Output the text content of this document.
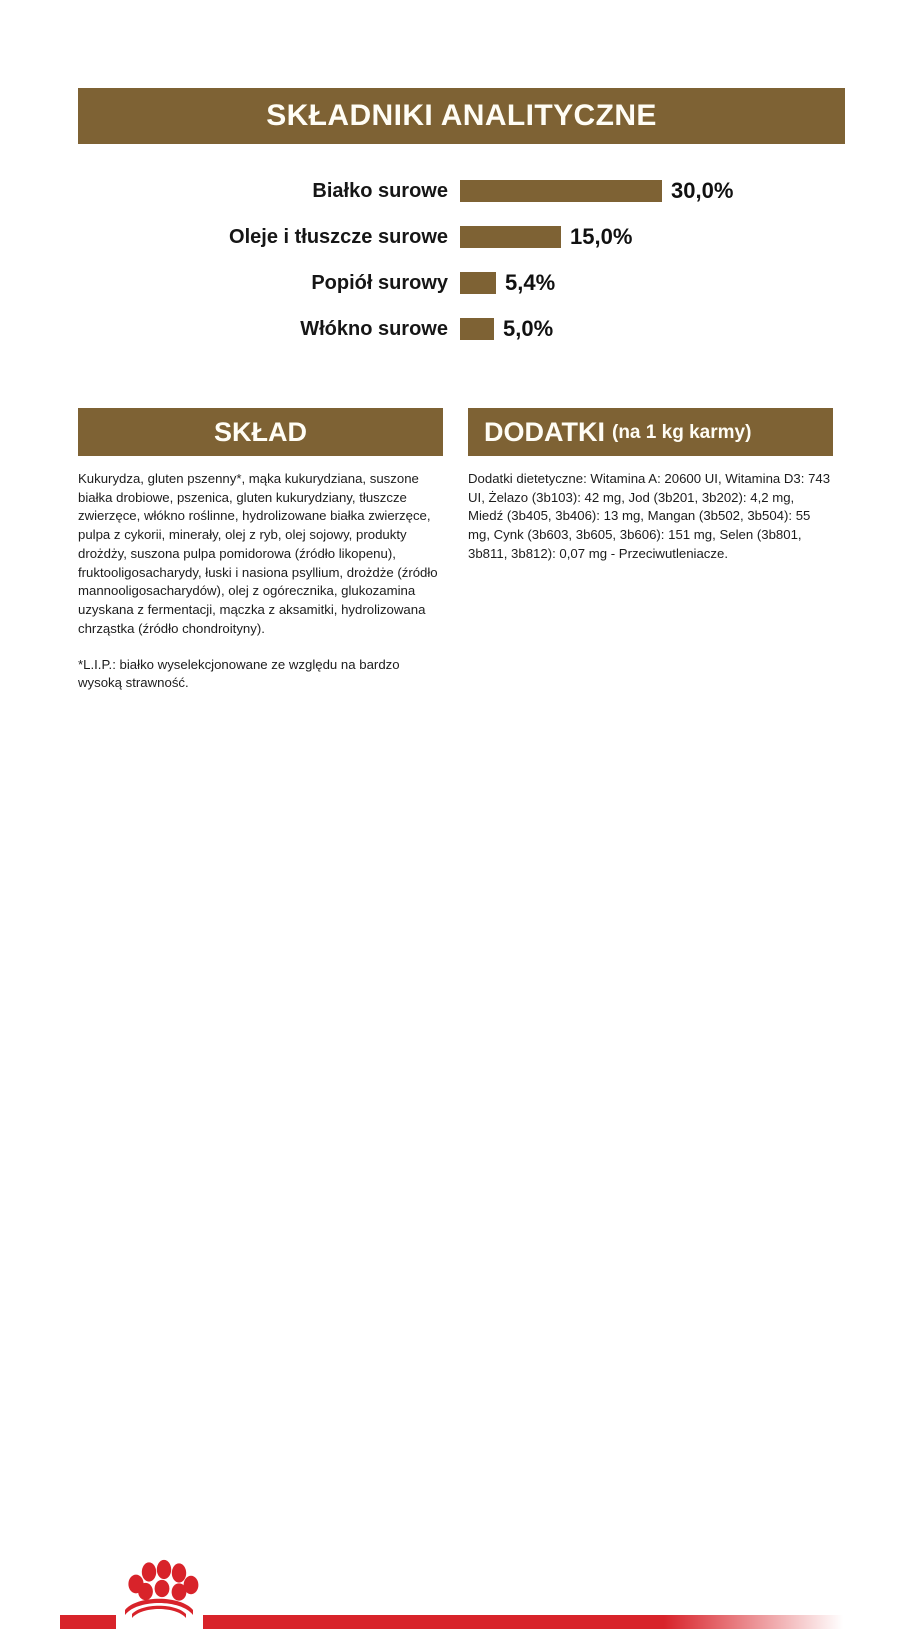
SKŁADNIKI ANALITYCZNE
Białko surowe	30,0%
Oleje i tłuszcze surowe	15,0%
Popiół surowy	5,4%
Włókno surowe	5,0%
SKŁAD

Kukurydza, gluten pszenny*, mąka kukurydziana, suszone białka drobiowe, pszenica, gluten kukurydziany, tłuszcze zwierzęce, włókno roślinne, hydrolizowane białka zwierzęce, pulpa z cykorii, minerały, olej z ryb, olej sojowy, produkty drożdży, suszona pulpa pomidorowa (źródło likopenu), fruktooligosacharydy, łuski i nasiona psyllium, drożdże (źródło mannooligosacharydów), olej z ogórecznika, glukozamina uzyskana z fermentacji, mączka z aksamitki, hydrolizowana chrząstka (źródło chondroityny).

*L.I.P.: białko wyselekcjonowane ze względu na bardzo wysoką strawność.

DODATKI (na 1 kg karmy)

Dodatki dietetyczne: Witamina A: 20600 UI, Witamina D3: 743 UI, Żelazo (3b103): 42 mg, Jod (3b201, 3b202): 4,2 mg, Miedź (3b405, 3b406): 13 mg, Mangan (3b502, 3b504): 55 mg, Cynk (3b603, 3b605, 3b606): 151 mg, Selen (3b801, 3b811, 3b812): 0,07 mg - Przeciwutleniacze.
